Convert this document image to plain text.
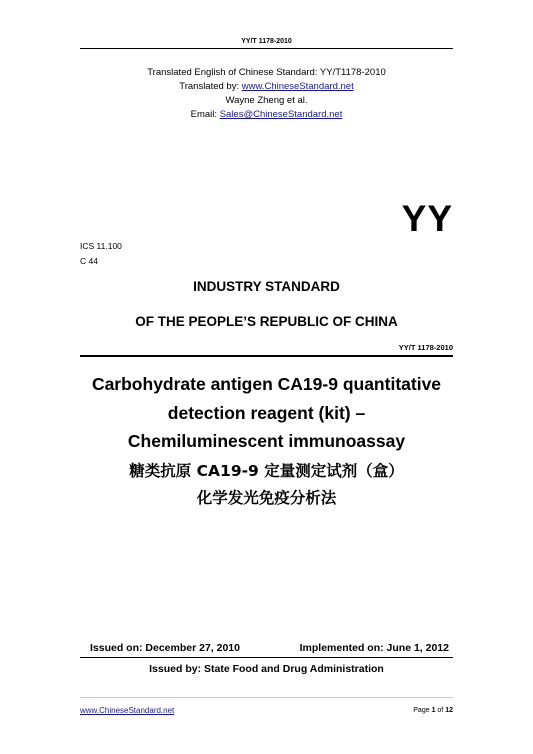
YY/T 1178-2010
Translated English of Chinese Standard: YY/T1178-2010
Translated by: www.ChineseStandard.net
Wayne Zheng et al.
Email: Sales@ChineseStandard.net
YY
ICS 11.100
C 44
INDUSTRY STANDARD
OF THE PEOPLE’S REPUBLIC OF CHINA
YY/T 1178-2010
Carbohydrate antigen CA19-9 quantitative
detection reagent (kit) –
Chemiluminescent immunoassay
糖类抗原 CA19-9 定量测定试剂（盒）
化学发光免疫分析法
Issued on: December 27, 2010	Implemented on: June 1, 2012
Issued by: State Food and Drug Administration
www.ChineseStandard.net	Page 1 of 12
